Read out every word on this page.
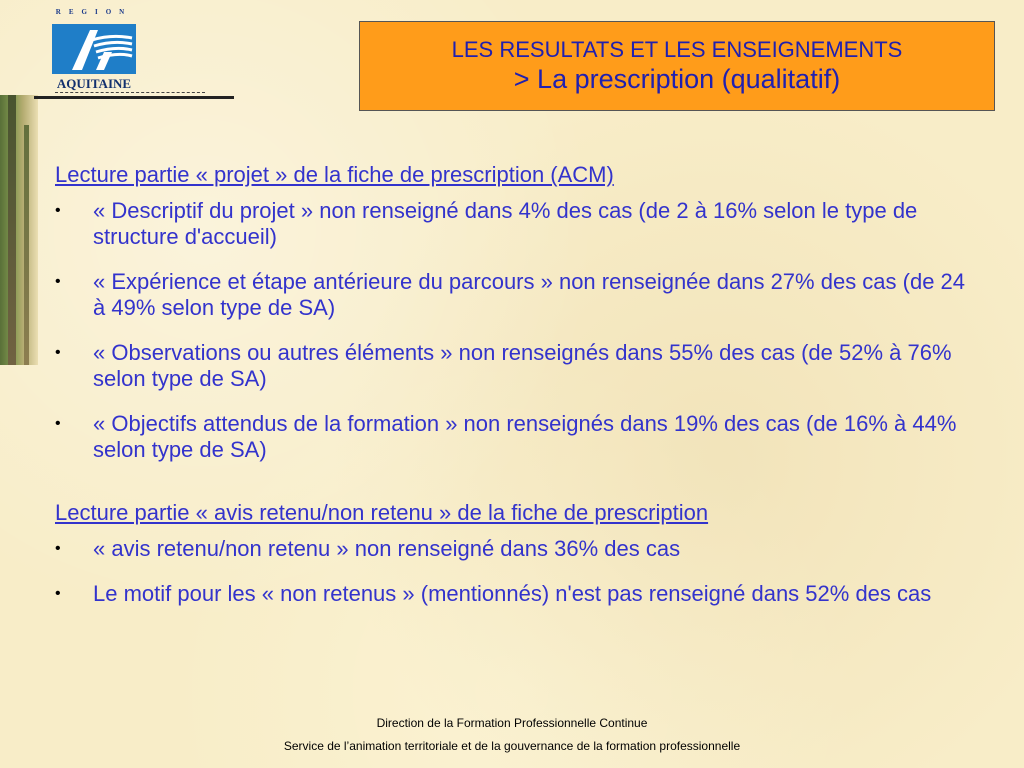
REGION
AQUITAINE
LES RESULTATS ET LES ENSEIGNEMENTS
> La prescription (qualitatif)

Lecture partie « projet » de la fiche de prescription (ACM)

•	« Descriptif du projet » non renseigné dans 4% des cas (de 2 à 16% selon le type de structure d'accueil)
•	« Expérience et étape antérieure du parcours » non renseignée dans 27% des cas (de 24 à 49% selon type de SA)
•	« Observations ou autres éléments » non renseignés dans 55% des cas (de 52% à 76% selon type de SA)
•	« Objectifs attendus de la formation » non renseignés dans 19% des cas (de 16% à 44% selon type de SA)

Lecture partie « avis retenu/non retenu » de la fiche de prescription

•	« avis retenu/non retenu » non renseigné dans 36% des cas
•	Le motif pour les « non retenus » (mentionnés) n'est pas renseigné dans 52% des cas
Direction de la Formation Professionnelle Continue
Service de l’animation territoriale et de la gouvernance de la formation professionnelle
